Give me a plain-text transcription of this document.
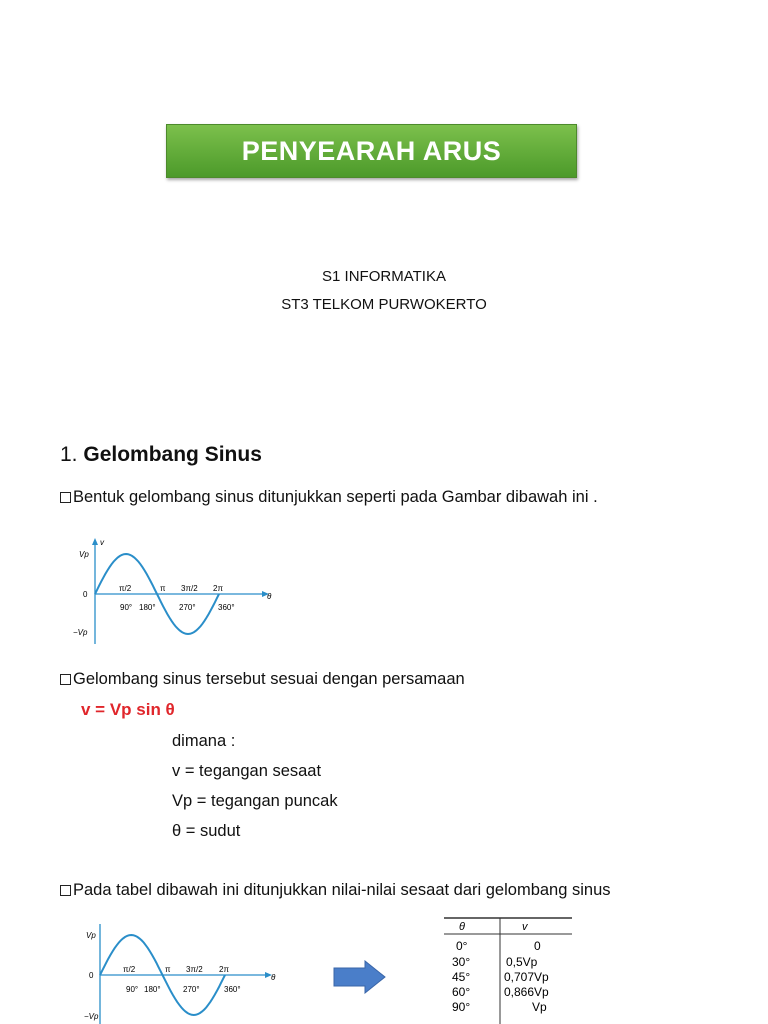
PENYEARAH ARUS
S1 INFORMATIKA
ST3 TELKOM PURWOKERTO
1. Gelombang Sinus
Bentuk gelombang sinus ditunjukkan seperti pada Gambar dibawah ini .
v
Vp
0
−Vp
π/2	π 3π/2 2π
90° 180°	270°	360°
θ
Gelombang sinus tersebut sesuai dengan persamaan
v = Vp sin θ
dimana :
v = tegangan sesaat
Vp = tegangan puncak
θ = sudut
Pada tabel dibawah ini ditunjukkan nilai-nilai sesaat dari gelombang sinus
Vp
0
−Vp
π/2	π 3π/2 2π
90° 180°	270°	360°
θ
θ	v
0°	0
30°	0,5Vp
45°	0,707Vp
60°	0,866Vp
90°	Vp
